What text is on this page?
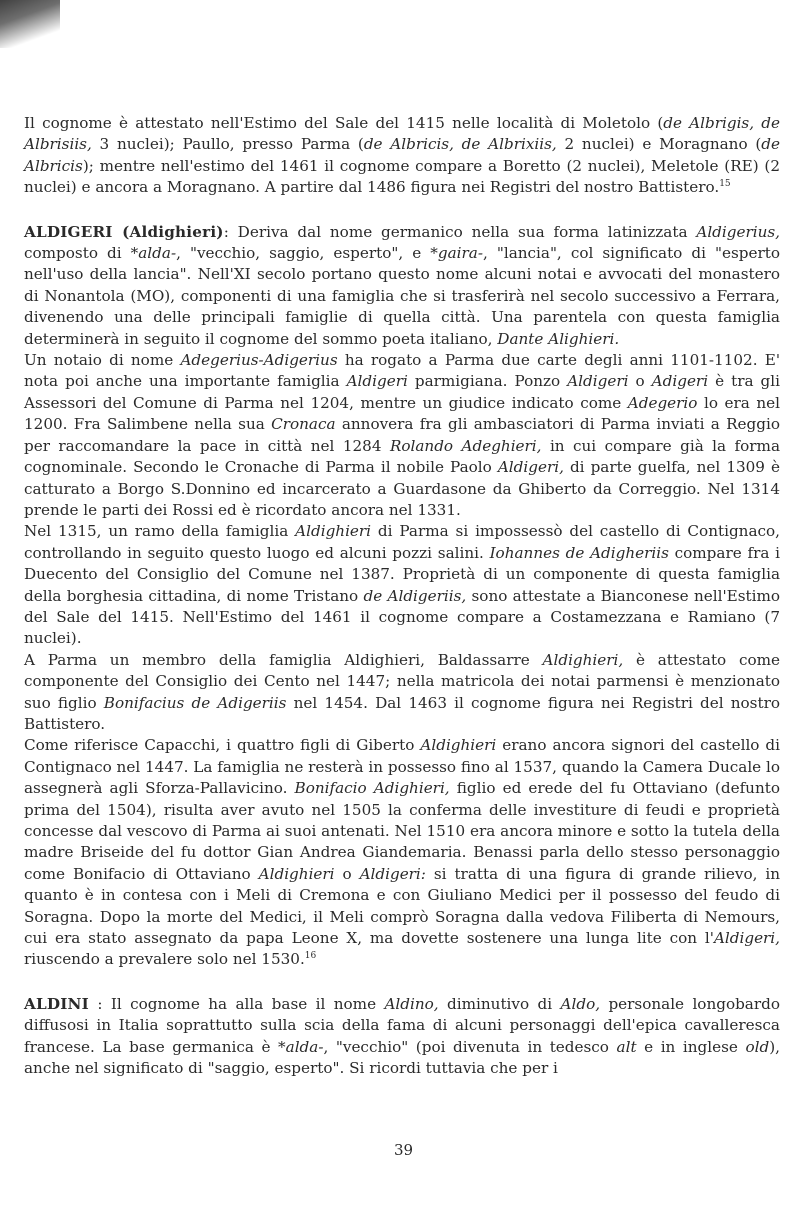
Il cognome è attestato nell'Estimo del Sale del 1415 nelle località di Moletolo (de Albrigis, de Albrisiis, 3 nuclei); Paullo, presso Parma (de Albricis, de Albrixiis, 2 nuclei) e Moragnano (de Albricis); mentre nell'estimo del 1461 il cognome compare a Boretto (2 nuclei), Meletole (RE) (2 nuclei) e ancora a Moragnano. A partire dal 1486 figura nei Registri del nostro Battistero.$^{15}$

ALDIGERI (Aldighieri): Deriva dal nome germanico nella sua forma latinizzata Aldigerius, composto di *alda-, "vecchio, saggio, esperto", e *gaira-, "lancia", col significato di "esperto nell'uso della lancia". Nell'XI secolo portano questo nome alcuni notai e avvocati del monastero di Nonantola (MO), componenti di una famiglia che si trasferirà nel secolo successivo a Ferrara, divenendo una delle principali famiglie di quella città. Una parentela con questa famiglia determinerà in seguito il cognome del sommo poeta italiano, Dante Alighieri.

Un notaio di nome Adegerius-Adigerius ha rogato a Parma due carte degli anni 1101-1102. E' nota poi anche una importante famiglia Aldigeri parmigiana. Ponzo Aldigeri o Adigeri è tra gli Assessori del Comune di Parma nel 1204, mentre un giudice indicato come Adegerio lo era nel 1200. Fra Salimbene nella sua Cronaca annovera fra gli ambasciatori di Parma inviati a Reggio per raccomandare la pace in città nel 1284 Rolando Adeghieri, in cui compare già la forma cognominale. Secondo le Cronache di Parma il nobile Paolo Aldigeri, di parte guelfa, nel 1309 è catturato a Borgo S.Donnino ed incarcerato a Guardasone da Ghiberto da Correggio. Nel 1314 prende le parti dei Rossi ed è ricordato ancora nel 1331.

Nel 1315, un ramo della famiglia Aldighieri di Parma si impossessò del castello di Contignaco, controllando in seguito questo luogo ed alcuni pozzi salini. Iohannes de Adigheriis compare fra i Duecento del Consiglio del Comune nel 1387. Proprietà di un componente di questa famiglia della borghesia cittadina, di nome Tristano de Aldigeriis, sono attestate a Bianconese nell'Estimo del Sale del 1415. Nell'Estimo del 1461 il cognome compare a Costamezzana e Ramiano (7 nuclei).

A Parma un membro della famiglia Aldighieri, Baldassarre Aldighieri, è attestato come componente del Consiglio dei Cento nel 1447; nella matricola dei notai parmensi è menzionato suo figlio Bonifacius de Adigeriis nel 1454. Dal 1463 il cognome figura nei Registri del nostro Battistero.

Come riferisce Capacchi, i quattro figli di Giberto Aldighieri erano ancora signori del castello di Contignaco nel 1447. La famiglia ne resterà in possesso fino al 1537, quando la Camera Ducale lo assegnerà agli Sforza-Pallavicino. Bonifacio Adighieri, figlio ed erede del fu Ottaviano (defunto prima del 1504), risulta aver avuto nel 1505 la conferma delle investiture di feudi e proprietà concesse dal vescovo di Parma ai suoi antenati. Nel 1510 era ancora minore e sotto la tutela della madre Briseide del fu dottor Gian Andrea Giandemaria. Benassi parla dello stesso personaggio come Bonifacio di Ottaviano Aldighieri o Aldigeri: si tratta di una figura di grande rilievo, in quanto è in contesa con i Meli di Cremona e con Giuliano Medici per il possesso del feudo di Soragna. Dopo la morte del Medici, il Meli comprò Soragna dalla vedova Filiberta di Nemours, cui era stato assegnato da papa Leone X, ma dovette sostenere una lunga lite con l'Aldigeri, riuscendo a prevalere solo nel 1530.16

ALDINI : Il cognome ha alla base il nome Aldino, diminutivo di Aldo, personale longobardo diffusosi in Italia soprattutto sulla scia della fama di alcuni personaggi dell'epica cavalleresca francese. La base germanica è *alda-, "vecchio" (poi divenuta in tedesco alt e in inglese old), anche nel significato di "saggio, esperto". Si ricordi tuttavia che per i

39
